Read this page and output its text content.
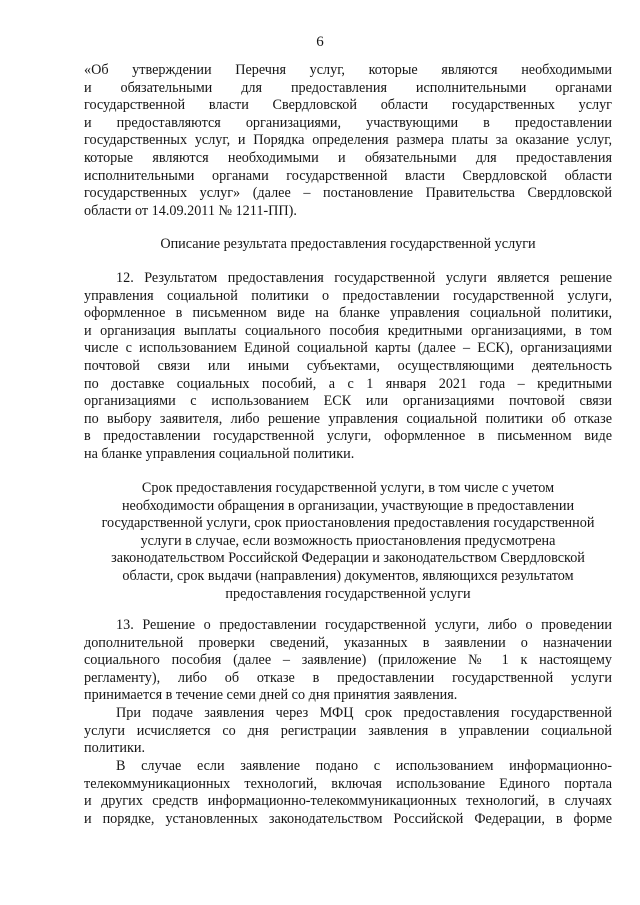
6
«Об утверждении Перечня услуг, которые являются необходимыми
и обязательными для предоставления исполнительными органами
государственной власти Свердловской области государственных услуг
и предоставляются организациями, участвующими в предоставлении
государственных услуг, и Порядка определения размера платы за оказание услуг,
которые являются необходимыми и обязательными для предоставления
исполнительными органами государственной власти Свердловской области
государственных услуг» (далее – постановление Правительства Свердловской
области от 14.09.2011 № 1211-ПП).
Описание результата предоставления государственной услуги
12. Результатом предоставления государственной услуги является решение
управления социальной политики о предоставлении государственной услуги,
оформленное в письменном виде на бланке управления социальной политики,
и организация выплаты социального пособия кредитными организациями, в том
числе с использованием Единой социальной карты (далее – ЕСК), организациями
почтовой связи или иными субъектами, осуществляющими деятельность
по доставке социальных пособий, а с 1 января 2021 года – кредитными
организациями с использованием ЕСК или организациями почтовой связи
по выбору заявителя, либо решение управления социальной политики об отказе
в предоставлении государственной услуги, оформленное в письменном виде
на бланке управления социальной политики.
Срок предоставления государственной услуги, в том числе с учетом
необходимости обращения в организации, участвующие в предоставлении
государственной услуги, срок приостановления предоставления государственной
услуги в случае, если возможность приостановления предусмотрена
законодательством Российской Федерации и законодательством Свердловской
области, срок выдачи (направления) документов, являющихся результатом
предоставления государственной услуги
13. Решение о предоставлении государственной услуги, либо о проведении
дополнительной проверки сведений, указанных в заявлении о назначении
социального пособия (далее – заявление) (приложение № 1 к настоящему
регламенту), либо об отказе в предоставлении государственной услуги
принимается в течение семи дней со дня принятия заявления.
При подаче заявления через МФЦ срок предоставления государственной
услуги исчисляется со дня регистрации заявления в управлении социальной
политики.
В случае если заявление подано с использованием информационно-
телекоммуникационных технологий, включая использование Единого портала
и других средств информационно-телекоммуникационных технологий, в случаях
и порядке, установленных законодательством Российской Федерации, в форме
